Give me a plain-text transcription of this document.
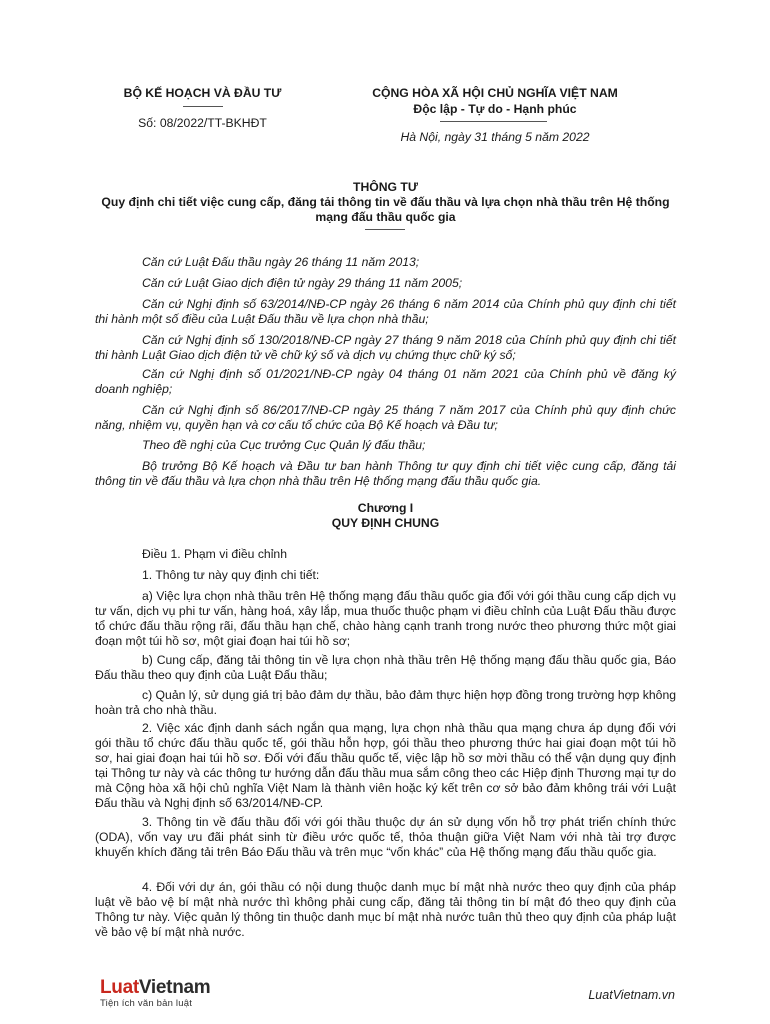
BỘ KẾ HOẠCH VÀ ĐẦU TƯ
Số: 08/2022/TT-BKHĐT
CỘNG HÒA XÃ HỘI CHỦ NGHĨA VIỆT NAM
Độc lập - Tự do - Hạnh phúc
Hà Nội, ngày 31 tháng 5 năm 2022
THÔNG TƯ
Quy định chi tiết việc cung cấp, đăng tải thông tin về đấu thầu và lựa chọn nhà thầu trên Hệ thống mạng đấu thầu quốc gia

Căn cứ Luật Đấu thầu ngày 26 tháng 11 năm 2013;

Căn cứ Luật Giao dịch điện tử ngày 29 tháng 11 năm 2005;

Căn cứ Nghị định số 63/2014/NĐ-CP ngày 26 tháng 6 năm 2014 của Chính phủ quy định chi tiết thi hành một số điều của Luật Đấu thầu về lựa chọn nhà thầu;

Căn cứ Nghị định số 130/2018/NĐ-CP ngày 27 tháng 9 năm 2018 của Chính phủ quy định chi tiết thi hành Luật Giao dịch điện tử về chữ ký số và dịch vụ chứng thực chữ ký số;

Căn cứ Nghị định số 01/2021/NĐ-CP ngày 04 tháng 01 năm 2021 của Chính phủ về đăng ký doanh nghiệp;

Căn cứ Nghị định số 86/2017/NĐ-CP ngày 25 tháng 7 năm 2017 của Chính phủ quy định chức năng, nhiệm vụ, quyền hạn và cơ cấu tổ chức của Bộ Kế hoạch và Đầu tư;

Theo đề nghị của Cục trưởng Cục Quản lý đấu thầu;

Bộ trưởng Bộ Kế hoạch và Đầu tư ban hành Thông tư quy định chi tiết việc cung cấp, đăng tải thông tin về đấu thầu và lựa chọn nhà thầu trên Hệ thống mạng đấu thầu quốc gia.

Chương I
QUY ĐỊNH CHUNG

Điều 1. Phạm vi điều chỉnh

1. Thông tư này quy định chi tiết:

a) Việc lựa chọn nhà thầu trên Hệ thống mạng đấu thầu quốc gia đối với gói thầu cung cấp dịch vụ tư vấn, dịch vụ phi tư vấn, hàng hoá, xây lắp, mua thuốc thuộc phạm vi điều chỉnh của Luật Đấu thầu được tổ chức đấu thầu rộng rãi, đấu thầu hạn chế, chào hàng cạnh tranh trong nước theo phương thức một giai đoạn một túi hồ sơ, một giai đoạn hai túi hồ sơ;

b) Cung cấp, đăng tải thông tin về lựa chọn nhà thầu trên Hệ thống mạng đấu thầu quốc gia, Báo Đấu thầu theo quy định của Luật Đấu thầu;

c) Quản lý, sử dụng giá trị bảo đảm dự thầu, bảo đảm thực hiện hợp đồng trong trường hợp không hoàn trả cho nhà thầu.

2. Việc xác định danh sách ngắn qua mạng, lựa chọn nhà thầu qua mạng chưa áp dụng đối với gói thầu tổ chức đấu thầu quốc tế, gói thầu hỗn hợp, gói thầu theo phương thức hai giai đoạn một túi hồ sơ, hai giai đoạn hai túi hồ sơ. Đối với đấu thầu quốc tế, việc lập hồ sơ mời thầu có thể vận dụng quy định tại Thông tư này và các thông tư hướng dẫn đấu thầu mua sắm công theo các Hiệp định Thương mại tự do mà Cộng hòa xã hội chủ nghĩa Việt Nam là thành viên hoặc ký kết trên cơ sở bảo đảm không trái với Luật Đấu thầu và Nghị định số 63/2014/NĐ-CP.

3. Thông tin về đấu thầu đối với gói thầu thuộc dự án sử dụng vốn hỗ trợ phát triển chính thức (ODA), vốn vay ưu đãi phát sinh từ điều ước quốc tế, thỏa thuận giữa Việt Nam với nhà tài trợ được khuyến khích đăng tải trên Báo Đấu thầu và trên mục “vốn khác” của Hệ thống mạng đấu thầu quốc gia.

4. Đối với dự án, gói thầu có nội dung thuộc danh mục bí mật nhà nước theo quy định của pháp luật về bảo vệ bí mật nhà nước thì không phải cung cấp, đăng tải thông tin bí mật đó theo quy định của Thông tư này. Việc quản lý thông tin thuộc danh mục bí mật nhà nước tuân thủ theo quy định của pháp luật về bảo vệ bí mật nhà nước.

LuatVietnam
Tiện ích văn bản luật
LuatVietnam.vn
